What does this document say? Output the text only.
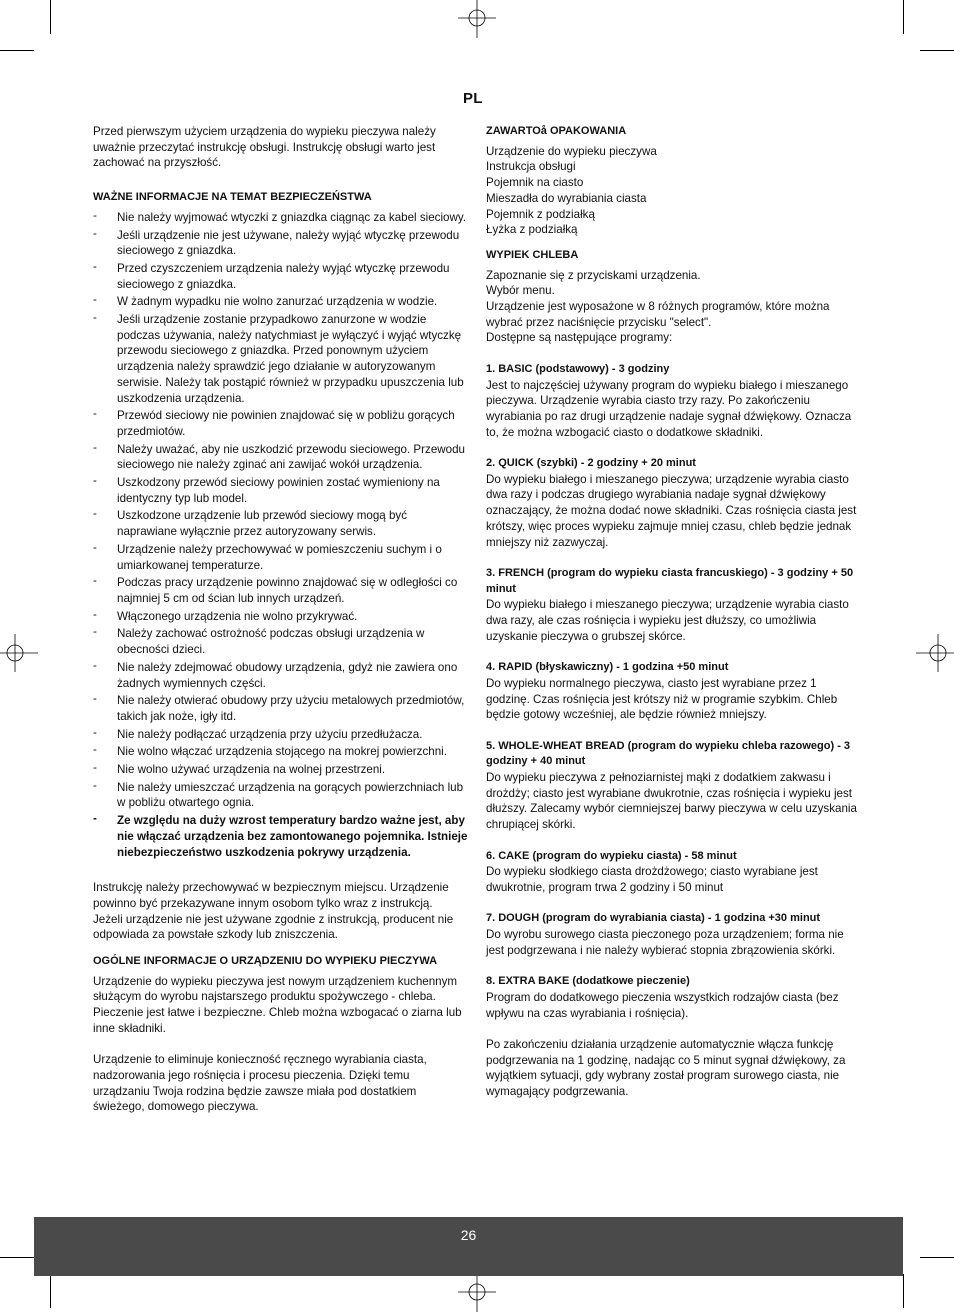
PL

Przed pierwszym użyciem urządzenia do wypieku pieczywa należy uważnie przeczytać instrukcję obsługi. Instrukcję obsługi warto jest zachować na przyszłość.

WAŻNE INFORMACJE NA TEMAT BEZPIECZEŃSTWA

- Nie należy wyjmować wtyczki z gniazdka ciągnąc za kabel sieciowy.
- Jeśli urządzenie nie jest używane, należy wyjąć wtyczkę przewodu sieciowego z gniazdka.
- Przed czyszczeniem urządzenia należy wyjąć wtyczkę przewodu sieciowego z gniazdka.
- W żadnym wypadku nie wolno zanurzać urządzenia w wodzie.
- Jeśli urządzenie zostanie przypadkowo zanurzone w wodzie podczas używania, należy natychmiast je wyłączyć i wyjąć wtyczkę przewodu sieciowego z gniazdka. Przed ponownym użyciem urządzenia należy sprawdzić jego działanie w autoryzowanym serwisie. Należy tak postąpić również w przypadku upuszczenia lub uszkodzenia urządzenia.
- Przewód sieciowy nie powinien znajdować się w pobliżu gorących przedmiotów.
- Należy uważać, aby nie uszkodzić przewodu sieciowego. Przewodu sieciowego nie należy zginać ani zawijać wokół urządzenia.
- Uszkodzony przewód sieciowy powinien zostać wymieniony na identyczny typ lub model.
- Uszkodzone urządzenie lub przewód sieciowy mogą być naprawiane wyłącznie przez autoryzowany serwis.
- Urządzenie należy przechowywać w pomieszczeniu suchym i o umiarkowanej temperaturze.
- Podczas pracy urządzenie powinno znajdować się w odległości co najmniej 5 cm od ścian lub innych urządzeń.
- Włączonego urządzenia nie wolno przykrywać.
- Należy zachować ostrożność podczas obsługi urządzenia w obecności dzieci.
- Nie należy zdejmować obudowy urządzenia, gdyż nie zawiera ono żadnych wymiennych części.
- Nie należy otwierać obudowy przy użyciu metalowych przedmiotów, takich jak noże, igły itd.
- Nie należy podłączać urządzenia przy użyciu przedłużacza.
- Nie wolno włączać urządzenia stojącego na mokrej powierzchni.
- Nie wolno używać urządzenia na wolnej przestrzeni.
- Nie należy umieszczać urządzenia na gorących powierzchniach lub w pobliżu otwartego ognia.
- Ze względu na duży wzrost temperatury bardzo ważne jest, aby nie włączać urządzenia bez zamontowanego pojemnika. Istnieje niebezpieczeństwo uszkodzenia pokrywy urządzenia.

Instrukcję należy przechowywać w bezpiecznym miejscu. Urządzenie powinno być przekazywane innym osobom tylko wraz z instrukcją.

Jeżeli urządzenie nie jest używane zgodnie z instrukcją, producent nie odpowiada za powstałe szkody lub zniszczenia.

OGÓLNE INFORMACJE O URZĄDZENIU DO WYPIEKU PIECZYWA

Urządzenie do wypieku pieczywa jest nowym urządzeniem kuchennym służącym do wyrobu najstarszego produktu spożywczego - chleba. Pieczenie jest łatwe i bezpieczne. Chleb można wzbogacać o ziarna lub inne składniki.

Urządzenie to eliminuje konieczność ręcznego wyrabiania ciasta, nadzorowania jego rośnięcia i procesu pieczenia. Dzięki temu urządzaniu Twoja rodzina będzie zawsze miała pod dostatkiem świeżego, domowego pieczywa.

ZAWARTOå OPAKOWANIA

Urządzenie do wypieku pieczywa

Instrukcja obsługi

Pojemnik na ciasto

Mieszadła do wyrabiania ciasta

Pojemnik z podziałką

Łyżka z podziałką

WYPIEK CHLEBA

Zapoznanie się z przyciskami urządzenia.

Wybór menu.

Urządzenie jest wyposażone w 8 różnych programów, które można wybrać przez naciśnięcie przycisku "select".

Dostępne są następujące programy:

1. BASIC (podstawowy) - 3 godziny

Jest to najczęściej używany program do wypieku białego i mieszanego pieczywa. Urządzenie wyrabia ciasto trzy razy. Po zakończeniu wyrabiania po raz drugi urządzenie nadaje sygnał dźwiękowy. Oznacza to, że można wzbogacić ciasto o dodatkowe składniki.

2. QUICK (szybki) - 2 godziny + 20 minut

Do wypieku białego i mieszanego pieczywa; urządzenie wyrabia ciasto dwa razy i podczas drugiego wyrabiania nadaje sygnał dźwiękowy oznaczający, że można dodać nowe składniki. Czas rośnięcia ciasta jest krótszy, więc proces wypieku zajmuje mniej czasu, chleb będzie jednak mniejszy niż zazwyczaj.

3. FRENCH (program do wypieku ciasta francuskiego) - 3 godziny + 50 minut

Do wypieku białego i mieszanego pieczywa; urządzenie wyrabia ciasto dwa razy, ale czas rośnięcia i wypieku jest dłuższy, co umożliwia uzyskanie pieczywa o grubszej skórce.

4. RAPID (błyskawiczny) - 1 godzina +50 minut

Do wypieku normalnego pieczywa, ciasto jest wyrabiane przez 1 godzinę. Czas rośnięcia jest krótszy niż w programie szybkim. Chleb będzie gotowy wcześniej, ale będzie również mniejszy.

5. WHOLE-WHEAT BREAD (program do wypieku chleba razowego) - 3 godziny + 40 minut

Do wypieku pieczywa z pełnoziarnistej mąki z dodatkiem zakwasu i drożdży; ciasto jest wyrabiane dwukrotnie, czas rośnięcia i wypieku jest dłuższy. Zalecamy wybór ciemniejszej barwy pieczywa w celu uzyskania chrupiącej skórki.

6. CAKE (program do wypieku ciasta) - 58 minut

Do wypieku słodkiego ciasta drożdżowego; ciasto wyrabiane jest dwukrotnie, program trwa 2 godziny i 50 minut

7. DOUGH (program do wyrabiania ciasta) - 1 godzina +30 minut

Do wyrobu surowego ciasta pieczonego poza urządzeniem; forma nie jest podgrzewana i nie należy wybierać stopnia zbrązowienia skórki.

8. EXTRA BAKE (dodatkowe pieczenie)

Program do dodatkowego pieczenia wszystkich rodzajów ciasta (bez wpływu na czas wyrabiania i rośnięcia).

Po zakończeniu działania urządzenie automatycznie włącza funkcję podgrzewania na 1 godzinę, nadając co 5 minut sygnał dźwiękowy, za wyjątkiem sytuacji, gdy wybrany został program surowego ciasta, nie wymagający podgrzewania.

26
